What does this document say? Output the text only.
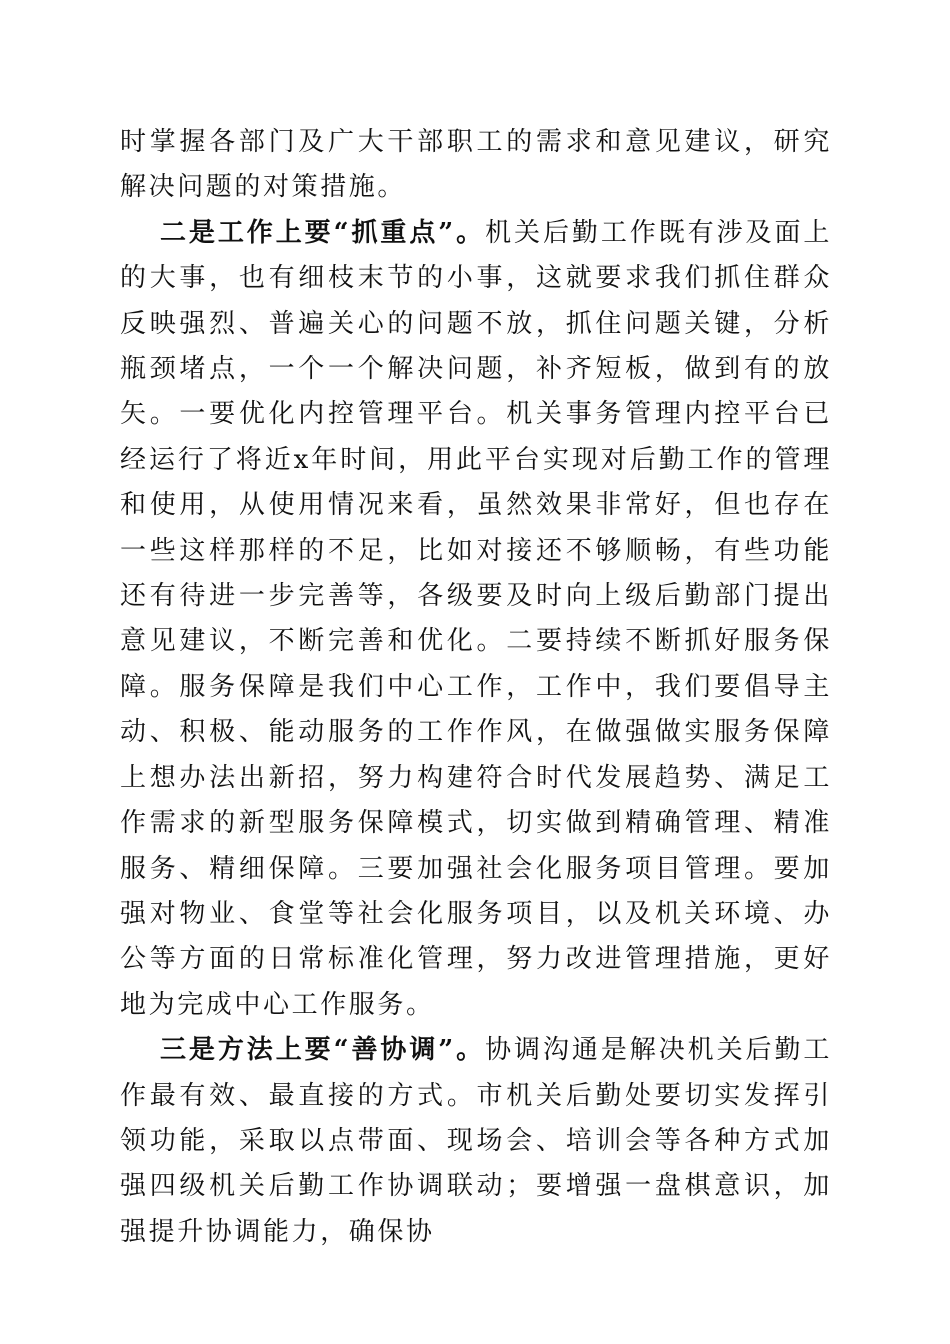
时掌握各部门及广大干部职工的需求和意见建议，研究解决问题的对策措施。

二是工作上要“抓重点”。机关后勤工作既有涉及面上的大事，也有细枝末节的小事，这就要求我们抓住群众反映强烈、普遍关心的问题不放，抓住问题关键，分析瓶颈堵点，一个一个解决问题，补齐短板，做到有的放矢。一要优化内控管理平台。机关事务管理内控平台已经运行了将近x年时间，用此平台实现对后勤工作的管理和使用，从使用情况来看，虽然效果非常好，但也存在一些这样那样的不足，比如对接还不够顺畅，有些功能还有待进一步完善等，各级要及时向上级后勤部门提出意见建议，不断完善和优化。二要持续不断抓好服务保障。服务保障是我们中心工作，工作中，我们要倡导主动、积极、能动服务的工作作风，在做强做实服务保障上想办法出新招，努力构建符合时代发展趋势、满足工作需求的新型服务保障模式，切实做到精确管理、精准服务、精细保障。三要加强社会化服务项目管理。要加强对物业、食堂等社会化服务项目，以及机关环境、办公等方面的日常标准化管理，努力改进管理措施，更好地为完成中心工作服务。

三是方法上要“善协调”。协调沟通是解决机关后勤工作最有效、最直接的方式。市机关后勤处要切实发挥引领功能，采取以点带面、现场会、培训会等各种方式加强四级机关后勤工作协调联动；要增强一盘棋意识，加强提升协调能力，确保协
